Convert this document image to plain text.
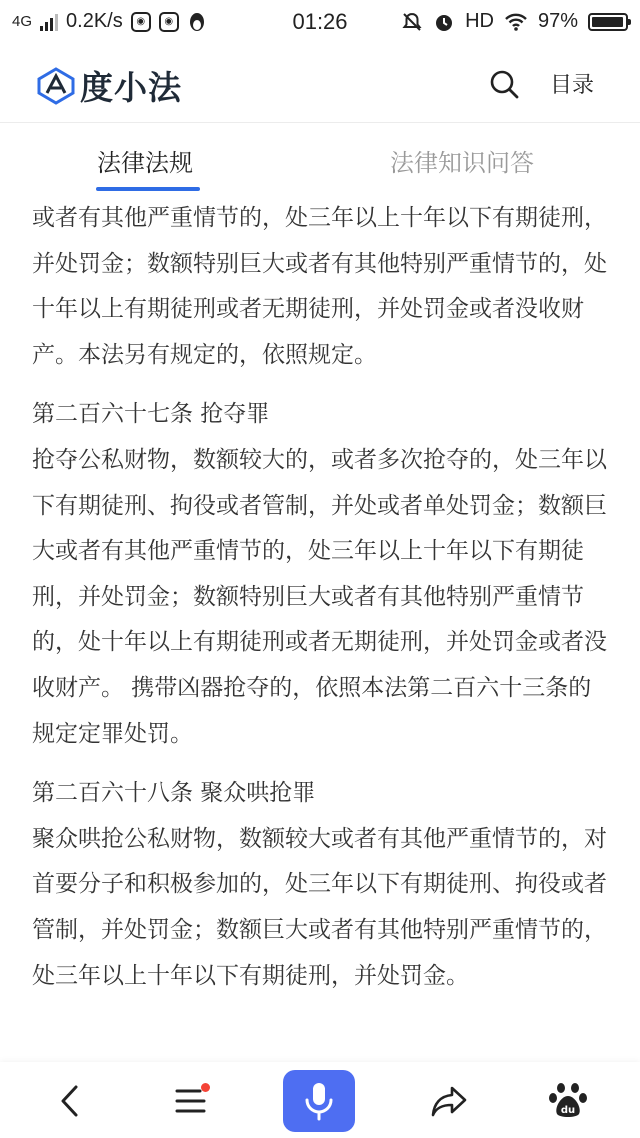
4G 0.2K/s	◉	◉	01:26	HD 97%
度小法	目录
法律法规	法律知识问答

或者有其他严重情节的，处三年以上十年以下有期徒刑，并处罚金；数额特别巨大或者有其他特别严重情节的，处十年以上有期徒刑或者无期徒刑，并处罚金或者没收财产。本法另有规定的，依照规定。

第二百六十七条 抢夺罪

抢夺公私财物，数额较大的，或者多次抢夺的，处三年以下有期徒刑、拘役或者管制，并处或者单处罚金；数额巨大或者有其他严重情节的，处三年以上十年以下有期徒刑，并处罚金；数额特别巨大或者有其他特别严重情节的，处十年以上有期徒刑或者无期徒刑，并处罚金或者没收财产。 携带凶器抢夺的，依照本法第二百六十三条的规定定罪处罚。

第二百六十八条 聚众哄抢罪

聚众哄抢公私财物，数额较大或者有其他严重情节的，对首要分子和积极参加的，处三年以下有期徒刑、拘役或者管制，并处罚金；数额巨大或者有其他特别严重情节的，处三年以上十年以下有期徒刑，并处罚金。

du
